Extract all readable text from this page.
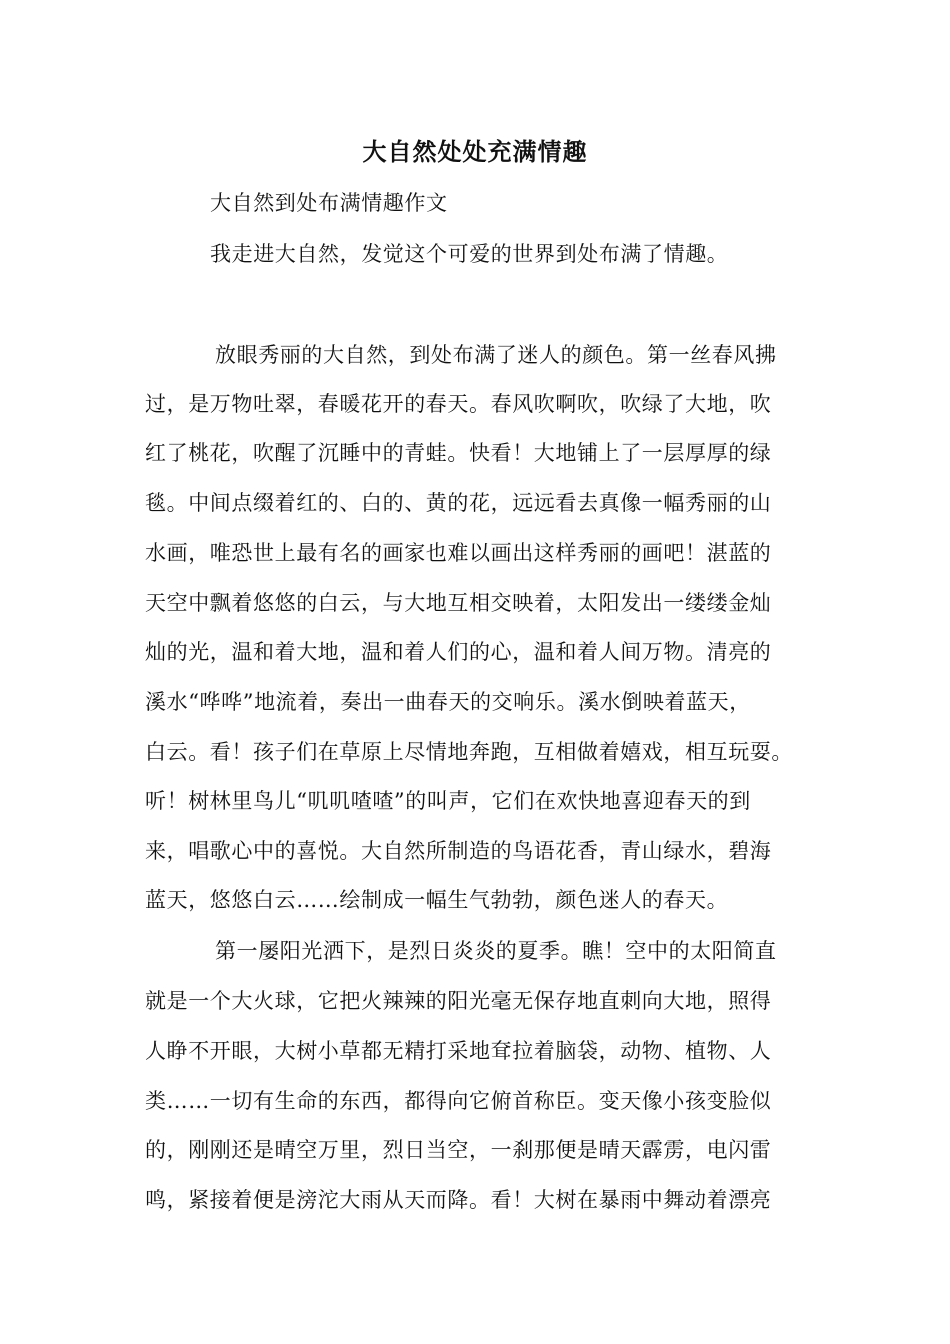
大自然处处充满情趣
大自然到处布满情趣作文
我走进大自然，发觉这个可爱的世界到处布满了情趣。
放眼秀丽的大自然，到处布满了迷人的颜色。第一丝春风拂
过，是万物吐翠，春暖花开的春天。春风吹啊吹，吹绿了大地，吹
红了桃花，吹醒了沉睡中的青蛙。快看！大地铺上了一层厚厚的绿
毯。中间点缀着红的、白的、黄的花，远远看去真像一幅秀丽的山
水画，唯恐世上最有名的画家也难以画出这样秀丽的画吧！湛蓝的
天空中飘着悠悠的白云，与大地互相交映着，太阳发出一缕缕金灿
灿的光，温和着大地，温和着人们的心，温和着人间万物。清亮的
溪水“哗哗”地流着，奏出一曲春天的交响乐。溪水倒映着蓝天，
白云。看！孩子们在草原上尽情地奔跑，互相做着嬉戏，相互玩耍。
听！树林里鸟儿“叽叽喳喳”的叫声，它们在欢快地喜迎春天的到
来，唱歌心中的喜悦。大自然所制造的鸟语花香，青山绿水，碧海
蓝天，悠悠白云……绘制成一幅生气勃勃，颜色迷人的春天。
第一屡阳光洒下，是烈日炎炎的夏季。瞧！空中的太阳简直
就是一个大火球，它把火辣辣的阳光毫无保存地直刺向大地，照得
人睁不开眼，大树小草都无精打采地耷拉着脑袋，动物、植物、人
类……一切有生命的东西，都得向它俯首称臣。变天像小孩变脸似
的，刚刚还是晴空万里，烈日当空，一刹那便是晴天霹雳，电闪雷
鸣，紧接着便是滂沱大雨从天而降。看！大树在暴雨中舞动着漂亮
